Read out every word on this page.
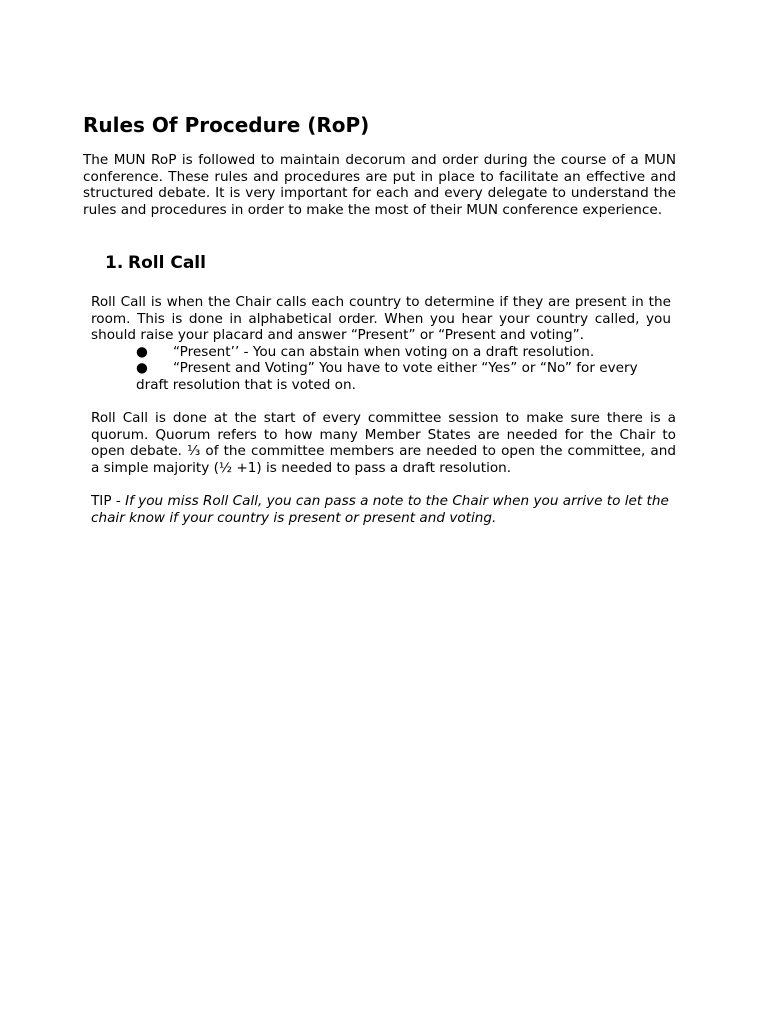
Rules Of Procedure (RoP)

The MUN RoP is followed to maintain decorum and order during the course of a MUN conference. These rules and procedures are put in place to facilitate an effective and structured debate. It is very important for each and every delegate to understand the rules and procedures in order to make the most of their MUN conference experience.

1. Roll Call

Roll Call is when the Chair calls each country to determine if they are present in the room. This is done in alphabetical order. When you hear your country called, you should raise your placard and answer “Present” or “Present and voting”.

● “Present’’ - You can abstain when voting on a draft resolution.

● “Present and Voting” You have to vote either “Yes” or “No” for every draft resolution that is voted on.

Roll Call is done at the start of every committee session to make sure there is a quorum. Quorum refers to how many Member States are needed for the Chair to open debate. ⅓ of the committee members are needed to open the committee, and a simple majority (½ +1) is needed to pass a draft resolution.

TIP - If you miss Roll Call, you can pass a note to the Chair when you arrive to let the chair know if your country is present or present and voting.
